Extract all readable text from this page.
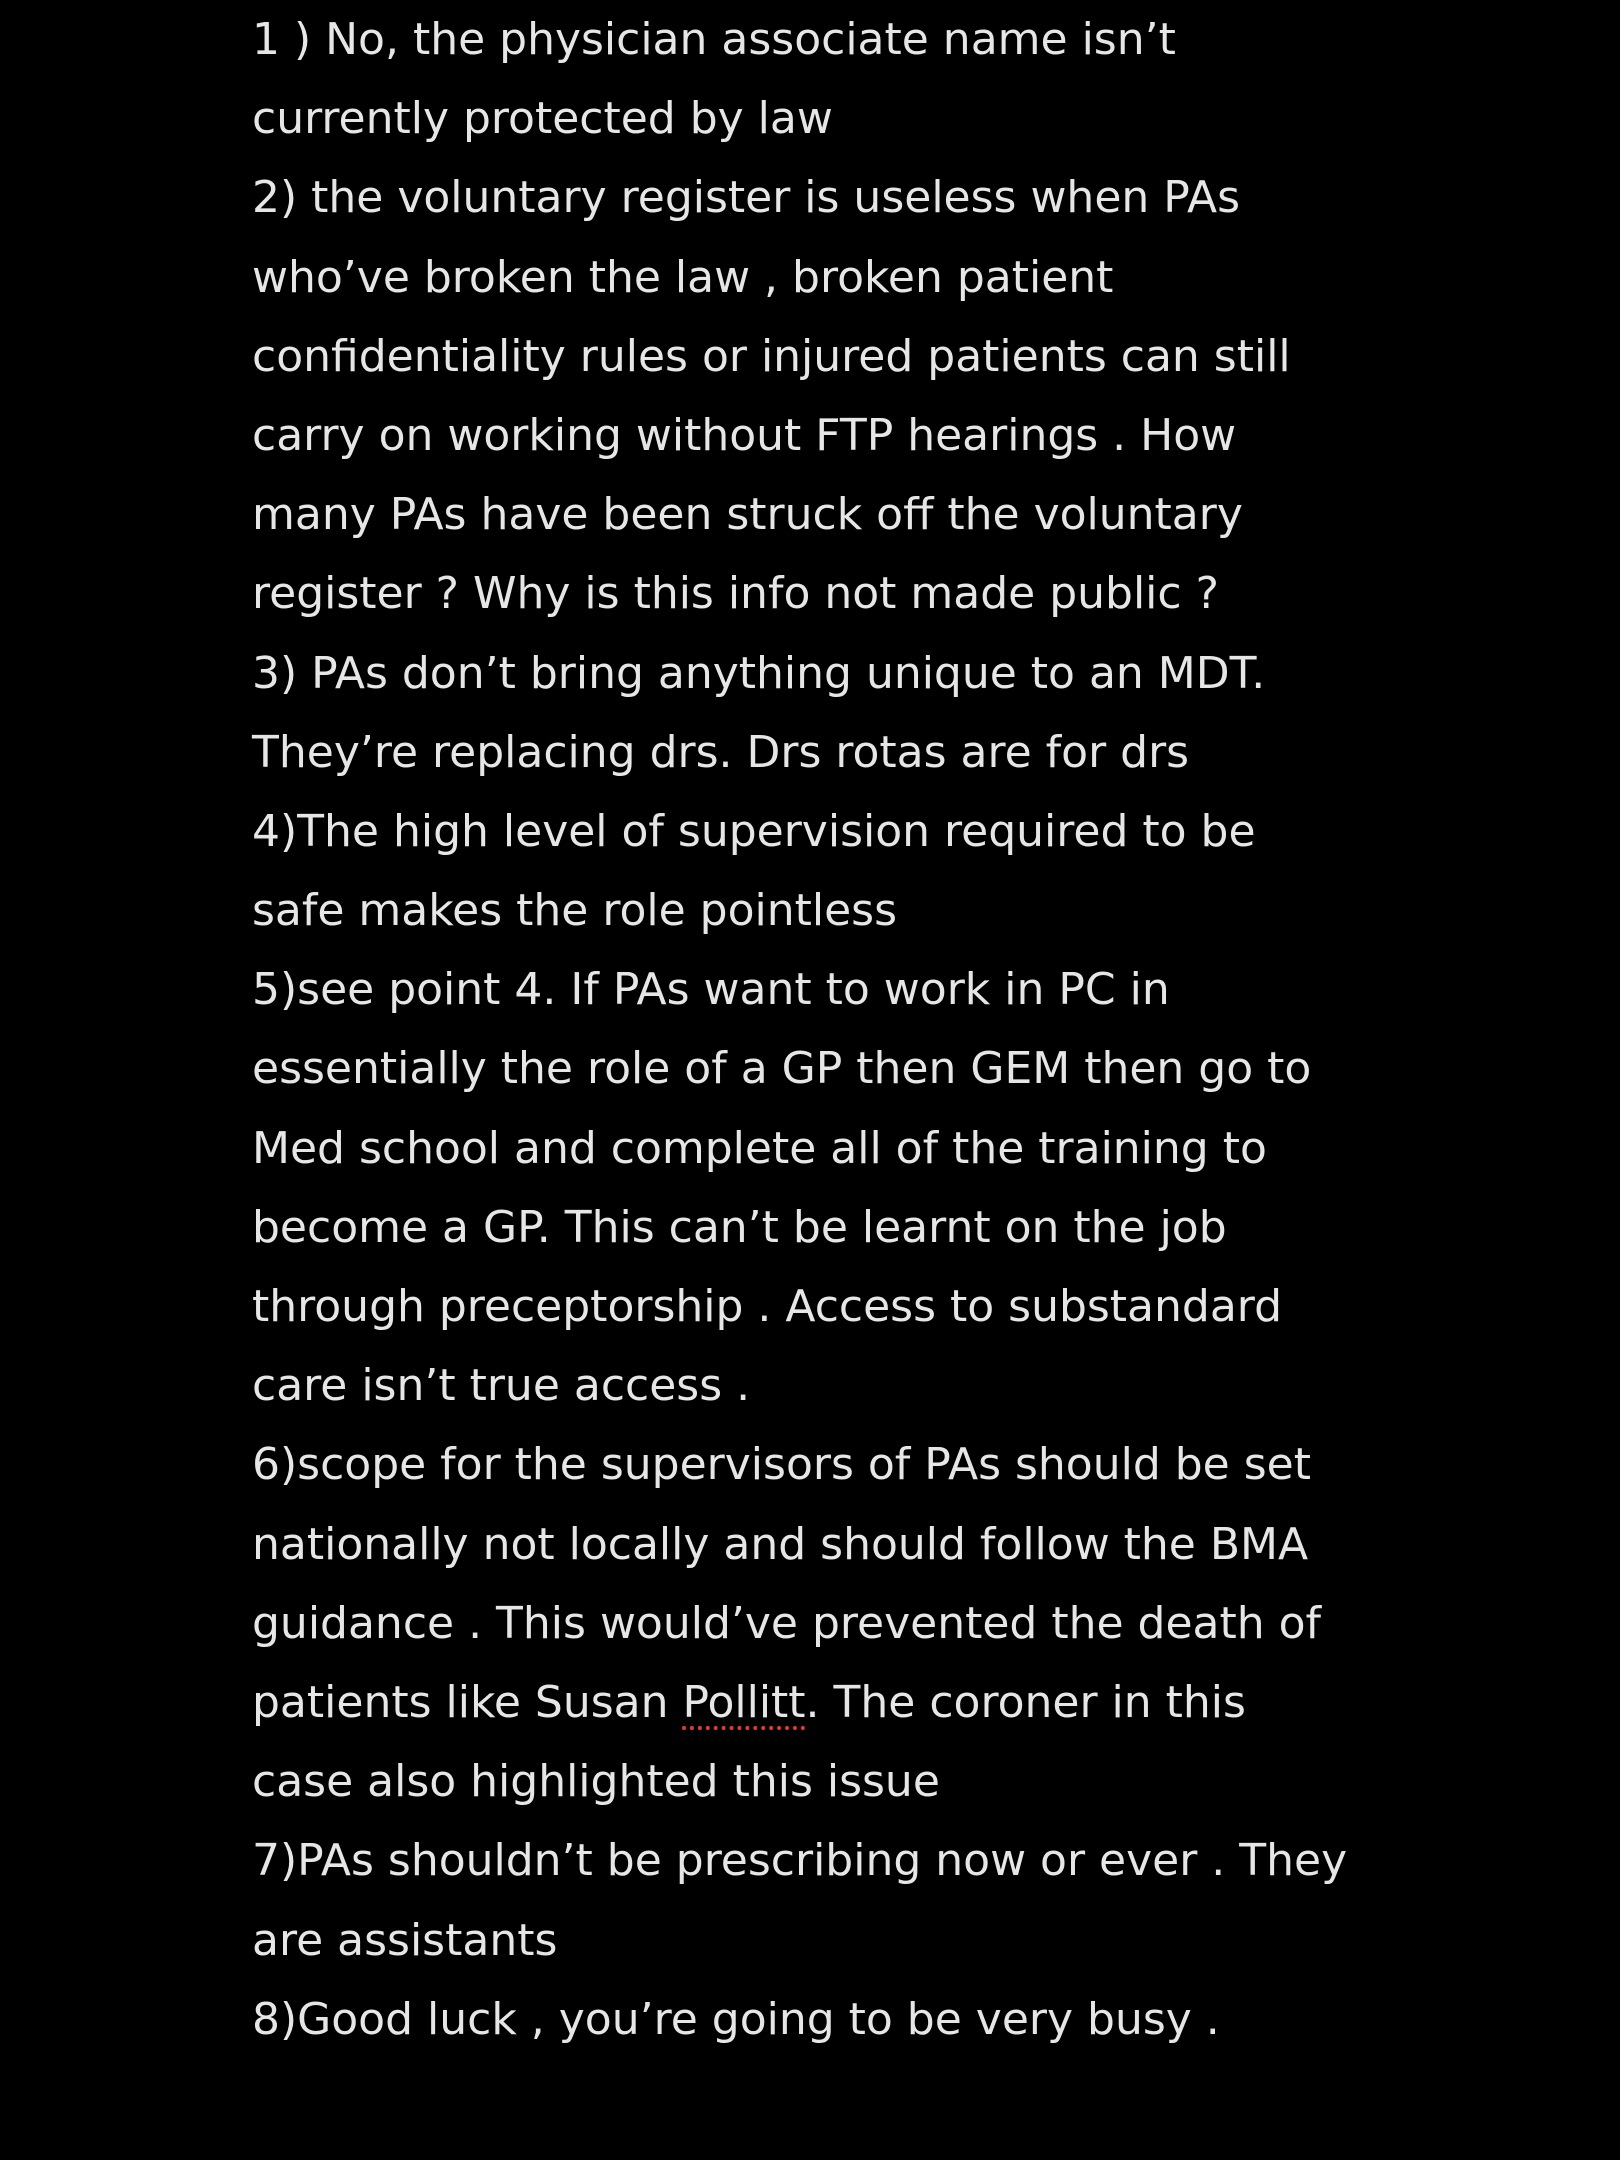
1 ) No, the physician associate name isn’t
currently protected by law
2) the voluntary register is useless when PAs
who’ve broken the law , broken patient
confidentiality rules or injured patients can still
carry on working without FTP hearings . How
many PAs have been struck off the voluntary
register ? Why is this info not made public ?
3) PAs don’t bring anything unique to an MDT.
They’re replacing drs. Drs rotas are for drs
4)The high level of supervision required to be
safe makes the role pointless
5)see point 4. If PAs want to work in PC in
essentially the role of a GP then GEM then go to
Med school and complete all of the training to
become a GP. This can’t be learnt on the job
through preceptorship . Access to substandard
care isn’t true access .
6)scope for the supervisors of PAs should be set
nationally not locally and should follow the BMA
guidance . This would’ve prevented the death of
patients like Susan Pollitt. The coroner in this
case also highlighted this issue
7)PAs shouldn’t be prescribing now or ever . They
are assistants
8)Good luck , you’re going to be very busy .
